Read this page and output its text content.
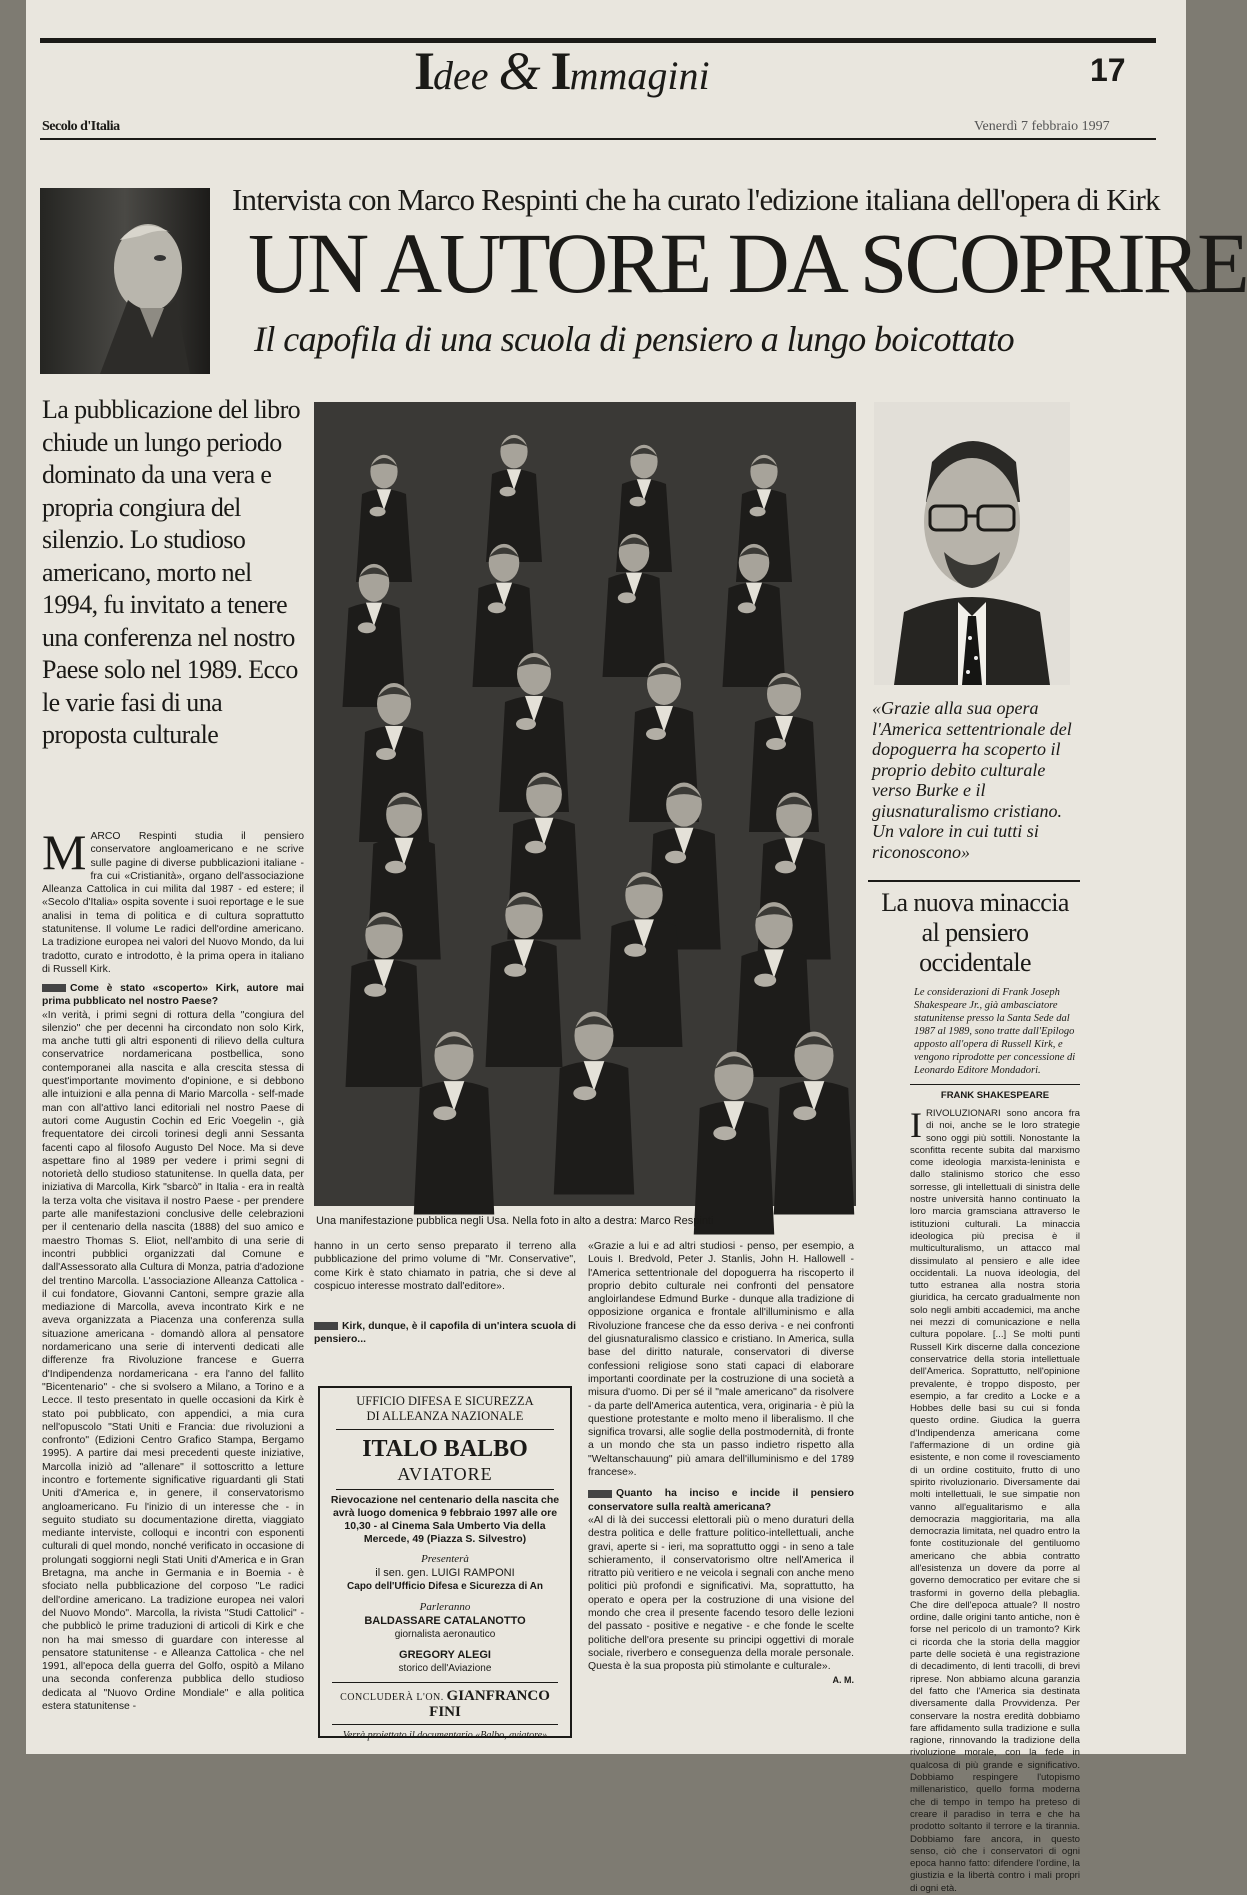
Idee & Immagini	17
Secolo d'Italia	Venerdì 7 febbraio 1997
Intervista con Marco Respinti che ha curato l'edizione italiana dell'opera di Kirk
UN AUTORE DA SCOPRIRE
Il capofila di una scuola di pensiero a lungo boicottato
La pubblicazione del libro chiude un lungo periodo dominato da una vera e propria congiura del silenzio. Lo studioso americano, morto nel 1994, fu invitato a tenere una conferenza nel nostro Paese solo nel 1989. Ecco le varie fasi di una proposta culturale
MARCO Respinti studia il pensiero conservatore angloamericano e ne scrive sulle pagine di diverse pubblicazioni italiane - fra cui «Cristianità», organo dell'associazione Alleanza Cattolica in cui milita dal 1987 - ed estere; il «Secolo d'Italia» ospita sovente i suoi reportage e le sue analisi in tema di politica e di cultura soprattutto statunitense. Il volume Le radici dell'ordine americano. La tradizione europea nei valori del Nuovo Mondo, da lui tradotto, curato e introdotto, è la prima opera in italiano di Russell Kirk.

Come è stato «scoperto» Kirk, autore mai prima pubblicato nel nostro Paese?

«In verità, i primi segni di rottura della "congiura del silenzio" che per decenni ha circondato non solo Kirk, ma anche tutti gli altri esponenti di rilievo della cultura conservatrice nordamericana postbellica, sono contemporanei alla nascita e alla crescita stessa di quest'importante movimento d'opinione, e si debbono alle intuizioni e alla penna di Mario Marcolla - self-made man con all'attivo lanci editoriali nel nostro Paese di autori come Augustin Cochin ed Eric Voegelin -, già frequentatore dei circoli torinesi degli anni Sessanta facenti capo al filosofo Augusto Del Noce. Ma si deve aspettare fino al 1989 per vedere i primi segni di notorietà dello studioso statunitense. In quella data, per iniziativa di Marcolla, Kirk "sbarcò" in Italia - era in realtà la terza volta che visitava il nostro Paese - per prendere parte alle manifestazioni conclusive delle celebrazioni per il centenario della nascita (1888) del suo amico e maestro Thomas S. Eliot, nell'ambito di una serie di incontri pubblici organizzati dal Comune e dall'Assessorato alla Cultura di Monza, patria d'adozione del trentino Marcolla. L'associazione Alleanza Cattolica - il cui fondatore, Giovanni Cantoni, sempre grazie alla mediazione di Marcolla, aveva incontrato Kirk e ne aveva organizzata a Piacenza una conferenza sulla situazione americana - domandò allora al pensatore nordamericano una serie di interventi dedicati alle differenze fra Rivoluzione francese e Guerra d'Indipendenza nordamericana - era l'anno del fallito "Bicentenario" - che si svolsero a Milano, a Torino e a Lecce. Il testo presentato in quelle occasioni da Kirk è stato poi pubblicato, con appendici, a mia cura nell'opuscolo "Stati Uniti e Francia: due rivoluzioni a confronto" (Edizioni Centro Grafico Stampa, Bergamo 1995). A partire dai mesi precedenti queste iniziative, Marcolla iniziò ad "allenare" il sottoscritto a letture incontro e fortemente significative riguardanti gli Stati Uniti d'America e, in genere, il conservatorismo angloamericano. Fu l'inizio di un interesse che - in seguito studiato su documentazione diretta, viaggiato mediante interviste, colloqui e incontri con esponenti culturali di quel mondo, nonché verificato in occasione di prolungati soggiorni negli Stati Uniti d'America e in Gran Bretagna, ma anche in Germania e in Boemia - è sfociato nella pubblicazione del corposo "Le radici dell'ordine americano. La tradizione europea nei valori del Nuovo Mondo". Marcolla, la rivista "Studi Cattolici" - che pubblicò le prime traduzioni di articoli di Kirk e che non ha mai smesso di guardare con interesse al pensatore statunitense - e Alleanza Cattolica - che nel 1991, all'epoca della guerra del Golfo, ospitò a Milano una seconda conferenza pubblica dello studioso dedicata al "Nuovo Ordine Mondiale" e alla politica estera statunitense -

Una manifestazione pubblica negli Usa. Nella foto in alto a destra: Marco Respinti

hanno in un certo senso preparato il terreno alla pubblicazione del primo volume di "Mr. Conservative", come Kirk è stato chiamato in patria, che si deve al cospicuo interesse mostrato dall'editore».

Kirk, dunque, è il capofila di un'intera scuola di pensiero...

UFFICIO DIFESA E SICUREZZA
DI ALLEANZA NAZIONALE
ITALO BALBO
AVIATORE
Rievocazione nel centenario della nascita che avrà luogo domenica 9 febbraio 1997 alle ore 10,30 - al Cinema Sala Umberto Via della Mercede, 49 (Piazza S. Silvestro)
Presenterà
il sen. gen. LUIGI RAMPONI
Capo dell'Ufficio Difesa e Sicurezza di An
Parleranno
BALDASSARE CATALANOTTO
giornalista aeronautico
GREGORY ALEGI
storico dell'Aviazione
CONCLUDERÀ L'ON. GIANFRANCO FINI
Verrà proiettato il documentario «Balbo, aviatore»

«Grazie a lui e ad altri studiosi - penso, per esempio, a Louis I. Bredvold, Peter J. Stanlis, John H. Hallowell - l'America settentrionale del dopoguerra ha riscoperto il proprio debito culturale nei confronti del pensatore angloirlandese Edmund Burke - dunque alla tradizione di opposizione organica e frontale all'illuminismo e alla Rivoluzione francese che da esso deriva - e nei confronti del giusnaturalismo classico e cristiano. In America, sulla base del diritto naturale, conservatori di diverse confessioni religiose sono stati capaci di elaborare importanti coordinate per la costruzione di una società a misura d'uomo. Di per sé il "male americano" da risolvere - da parte dell'America autentica, vera, originaria - è più la questione protestante e molto meno il liberalismo. Il che significa trovarsi, alle soglie della postmodernità, di fronte a un mondo che sta un passo indietro rispetto alla "Weltanschauung" più amara dell'illuminismo e del 1789 francese».

Quanto ha inciso e incide il pensiero conservatore sulla realtà americana?

«Al di là dei successi elettorali più o meno duraturi della destra politica e delle fratture politico-intellettuali, anche gravi, aperte si - ieri, ma soprattutto oggi - in seno a tale schieramento, il conservatorismo oltre nell'America il ritratto più veritiero e ne veicola i segnali con anche meno politici più profondi e significativi. Ma, soprattutto, ha operato e opera per la costruzione di una visione del mondo che crea il presente facendo tesoro delle lezioni del passato - positive e negative - e che fonde le scelte politiche dell'ora presente su principi oggettivi di morale sociale, riverbero e conseguenza della morale personale. Questa è la sua proposta più stimolante e culturale».

A. M.

«Grazie alla sua opera l'America settentrionale del dopoguerra ha scoperto il proprio debito culturale verso Burke e il giusnaturalismo cristiano. Un valore in cui tutti si riconoscono»
La nuova minaccia al pensiero occidentale
Le considerazioni di Frank Joseph Shakespeare Jr., già ambasciatore statunitense presso la Santa Sede dal 1987 al 1989, sono tratte dall'Epilogo apposto all'opera di Russell Kirk, e vengono riprodotte per concessione di Leonardo Editore Mondadori.
FRANK SHAKESPEARE
IRIVOLUZIONARI sono ancora fra di noi, anche se le loro strategie sono oggi più sottili. Nonostante la sconfitta recente subita dal marxismo come ideologia marxista-leninista e dallo stalinismo storico che esso sorresse, gli intellettuali di sinistra delle nostre università hanno continuato la loro marcia gramsciana attraverso le istituzioni culturali. La minaccia ideologica più precisa è il multiculturalismo, un attacco mal dissimulato al pensiero e alle idee occidentali. La nuova ideologia, del tutto estranea alla nostra storia giuridica, ha cercato gradualmente non solo negli ambiti accademici, ma anche nei mezzi di comunicazione e nella cultura popolare. [...] Se molti punti Russell Kirk discerne dalla concezione conservatrice della storia intellettuale dell'America. Soprattutto, nell'opinione prevalente, è troppo disposto, per esempio, a far credito a Locke e a Hobbes delle basi su cui si fonda questo ordine. Giudica la guerra d'Indipendenza americana come l'affermazione di un ordine già esistente, e non come il rovesciamento di un ordine costituito, frutto di uno spirito rivoluzionario. Diversamente dai molti intellettuali, le sue simpatie non vanno all'egualitarismo e alla democrazia maggioritaria, ma alla democrazia limitata, nel quadro entro la fonte costituzionale del gentiluomo americano che abbia contratto all'esistenza un dovere da porre al governo democratico per evitare che si trasformi in governo della plebaglia. Che dire dell'epoca attuale? Il nostro ordine, dalle origini tanto antiche, non è forse nel pericolo di un tramonto? Kirk ci ricorda che la storia della maggior parte delle società è una registrazione di decadimento, di lenti tracolli, di brevi riprese. Non abbiamo alcuna garanzia del fatto che l'America sia destinata diversamente dalla Provvidenza. Per conservare la nostra eredità dobbiamo fare affidamento sulla tradizione e sulla ragione, rinnovando la tradizione della rivoluzione morale, con la fede in qualcosa di più grande e significativo. Dobbiamo respingere l'utopismo millenaristico, quello forma moderna che di tempo in tempo ha preteso di creare il paradiso in terra e che ha prodotto soltanto il terrore e la tirannia. Dobbiamo fare ancora, in questo senso, ciò che i conservatori di ogni epoca hanno fatto: difendere l'ordine, la giustizia e la libertà contro i mali propri di ogni età.
